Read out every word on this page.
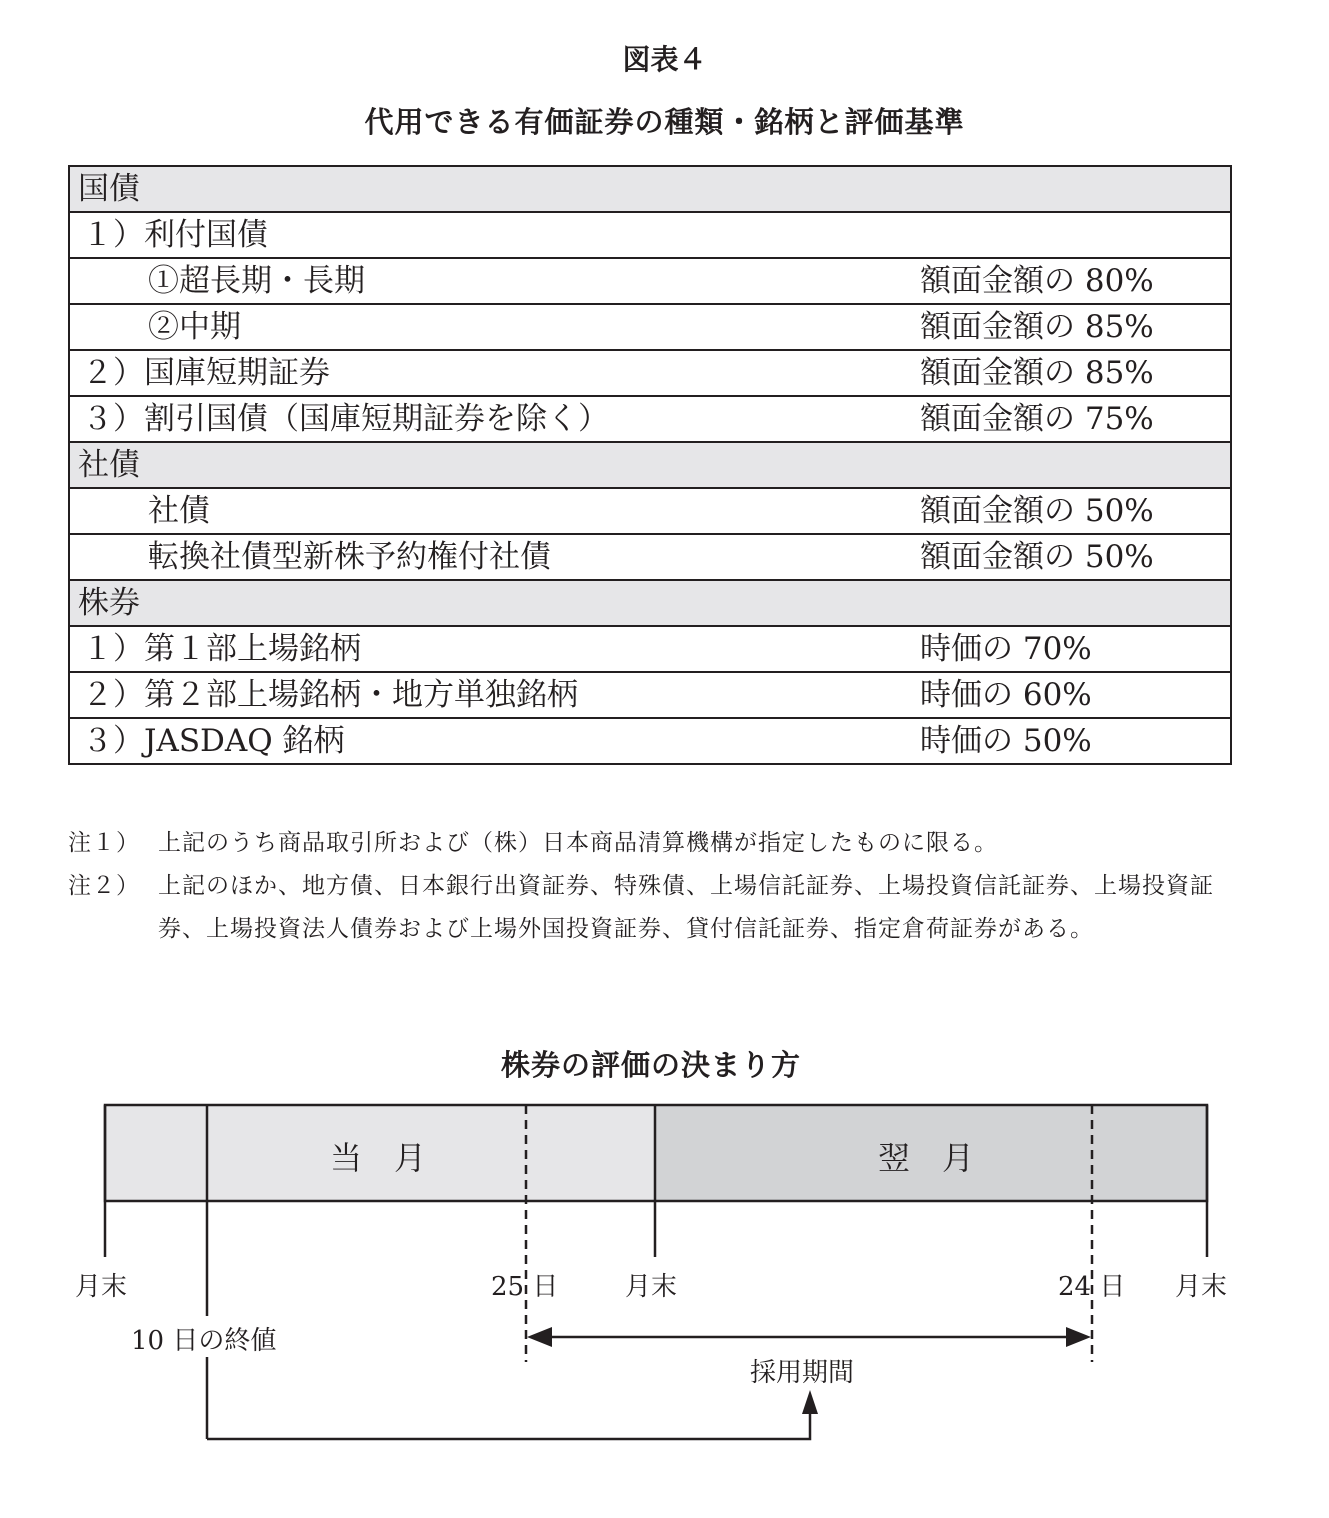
図表４
代用できる有価証券の種類・銘柄と評価基準
国債	
１）利付国債	
①超長期・長期	額面金額の 80%
②中期	額面金額の 85%
２）国庫短期証券	額面金額の 85%
３）割引国債（国庫短期証券を除く）	額面金額の 75%
社債	
社債	額面金額の 50%
転換社債型新株予約権付社債	額面金額の 50%
株券	
１）第１部上場銘柄	時価の 70%
２）第２部上場銘柄・地方単独銘柄	時価の 60%
３）JASDAQ 銘柄	時価の 50%
注１） 上記のうち商品取引所および（株）日本商品清算機構が指定したものに限る。
注２） 上記のほか、地方債、日本銀行出資証券、特殊債、上場信託証券、上場投資信託証券、上場投資証券、上場投資法人債券および上場外国投資証券、貸付信託証券、指定倉荷証券がある。
株券の評価の決まり方
当　月	翌　月
月末	25 日	月末	24 日 月末
10 日の終値
採用期間
